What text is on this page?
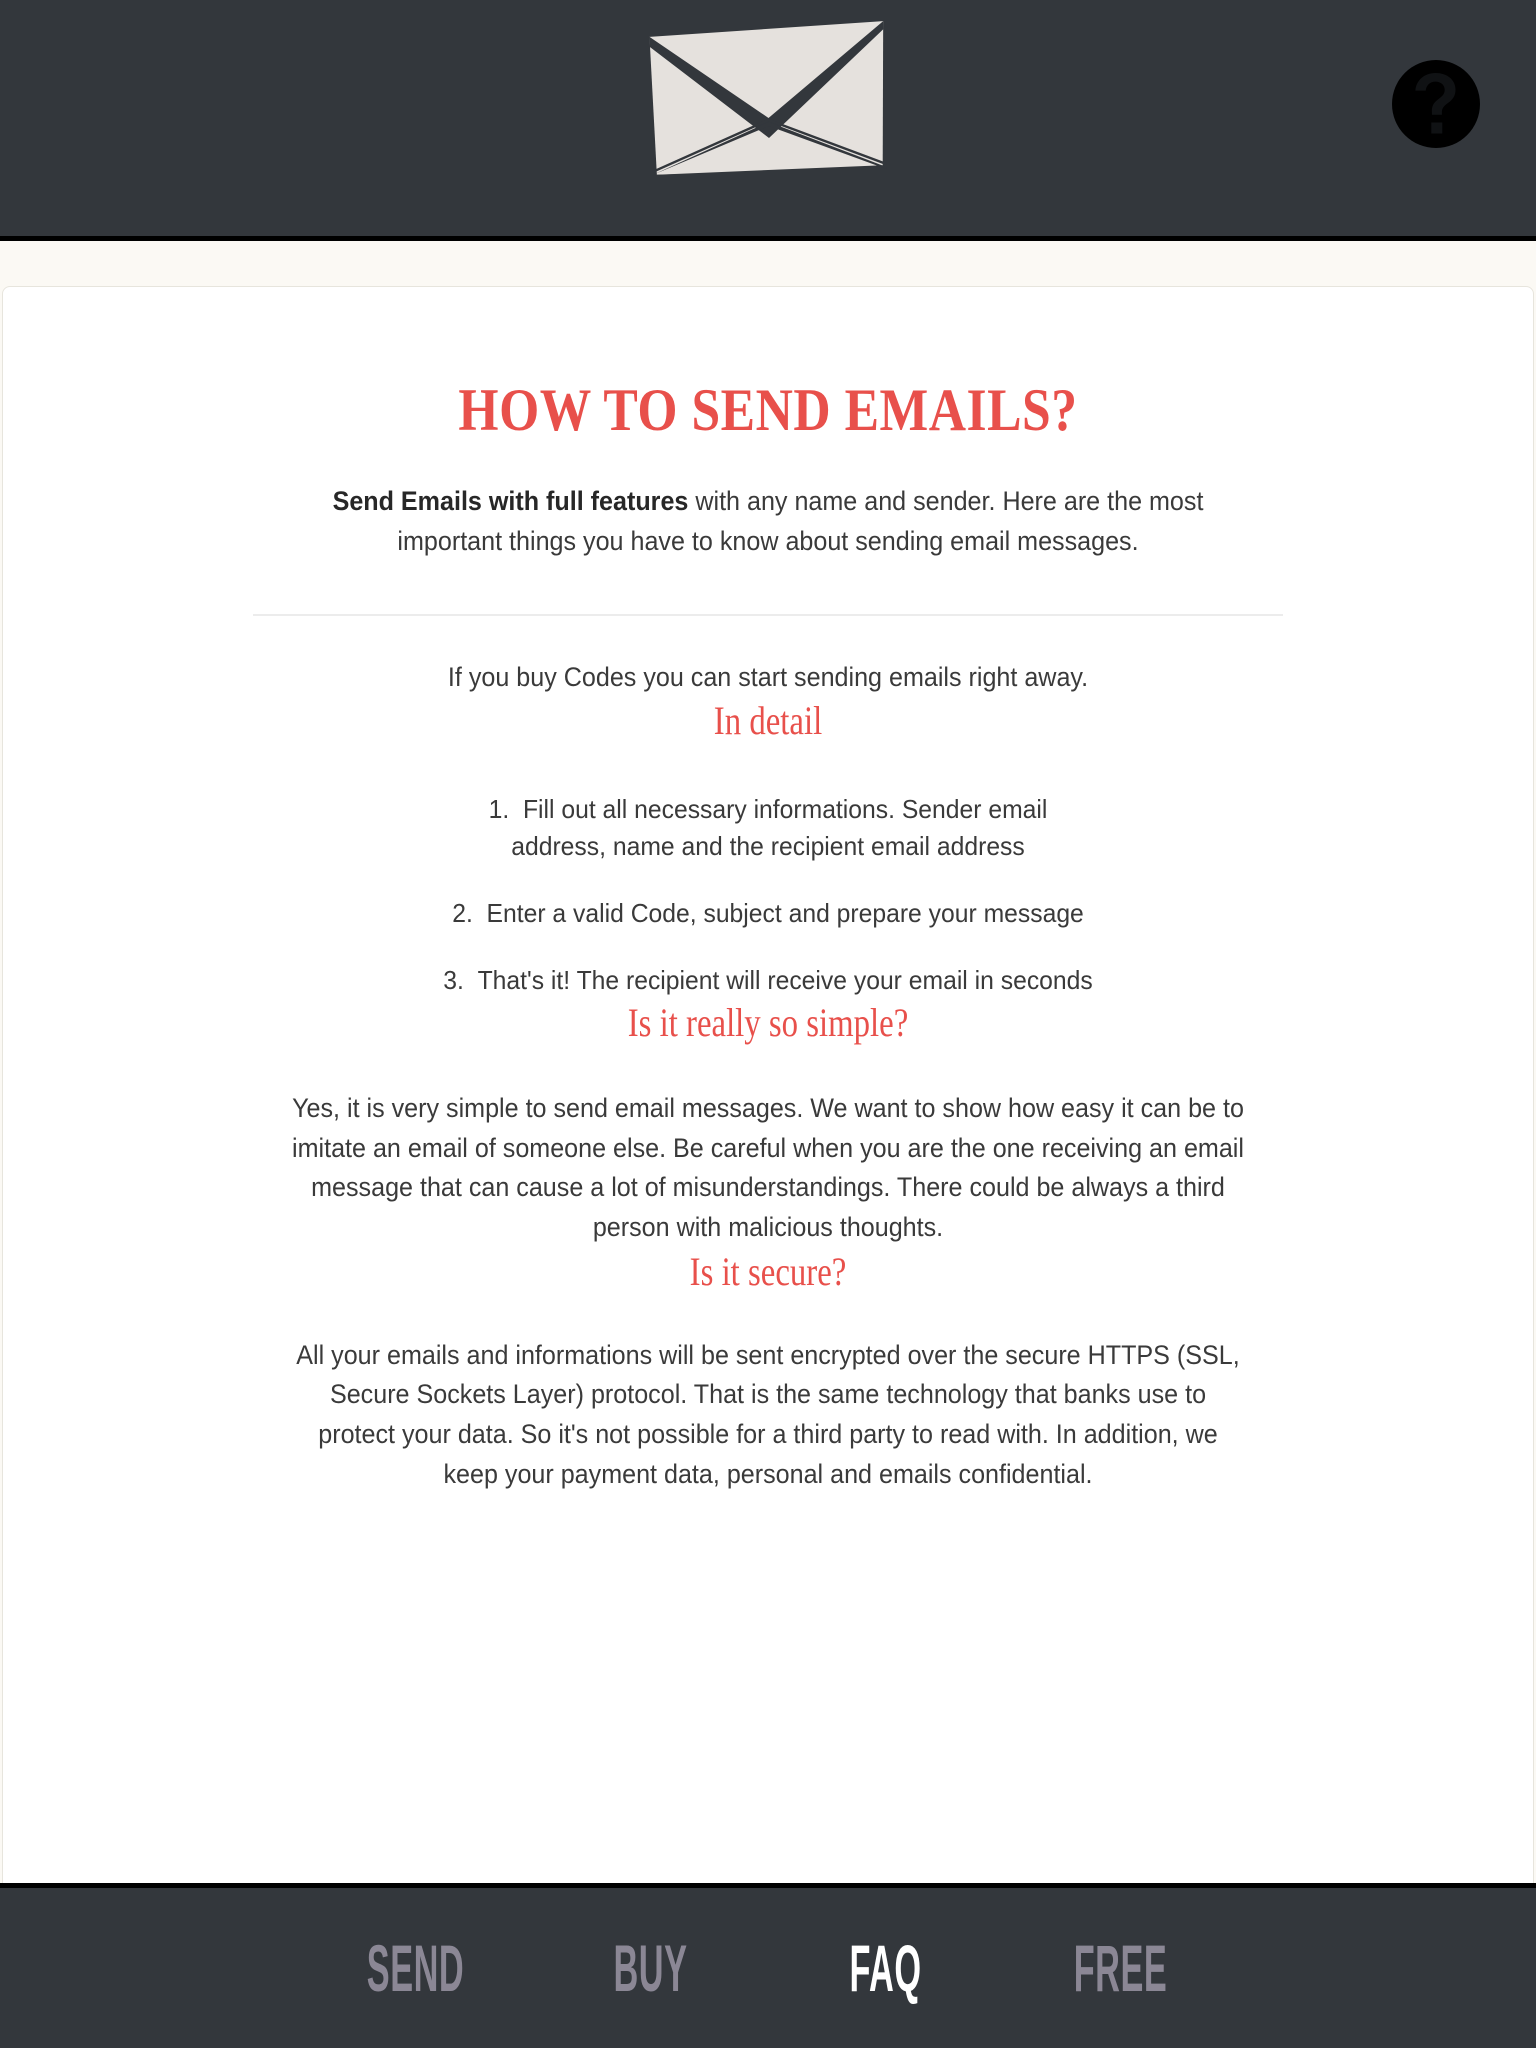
HOW TO SEND EMAILS?

Send Emails with full features with any name and sender. Here are the most important things you have to know about sending email messages.

If you buy Codes you can start sending emails right away.

In detail
Fill out all necessary informations. Sender email address, name and the recipient email address
Enter a valid Code, subject and prepare your message
That's it! The recipient will receive your email in seconds
Is it really so simple?

Yes, it is very simple to send email messages. We want to show how easy it can be to imitate an email of someone else. Be careful when you are the one receiving an email message that can cause a lot of misunderstandings. There could be always a third person with malicious thoughts.

Is it secure?

All your emails and informations will be sent encrypted over the secure HTTPS (SSL, Secure Sockets Layer) protocol. That is the same technology that banks use to protect your data. So it's not possible for a third party to read with. In addition, we keep your payment data, personal and emails confidential.

SEND	BUY	FAQ	FREE
